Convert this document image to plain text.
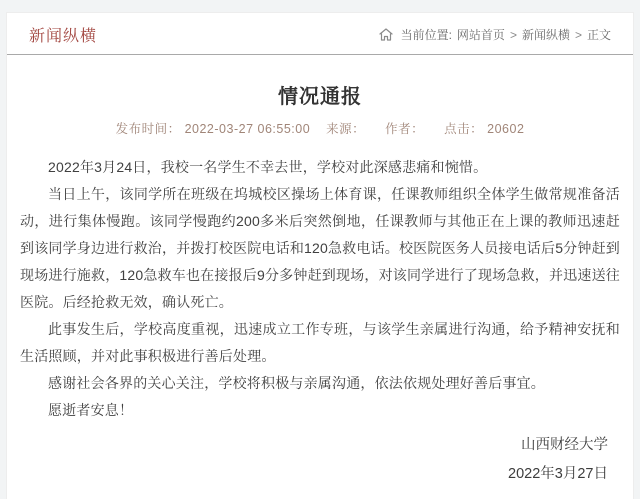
新闻纵横	当前位置: 网站首页 > 新闻纵横 > 正文
情况通报
发布时间： 2022-03-27 06:55:00 来源： 作者： 点击： 20602

2022年3月24日，我校一名学生不幸去世，学校对此深感悲痛和惋惜。

当日上午，该同学所在班级在坞城校区操场上体育课，任课教师组织全体学生做常规准备活动，进行集体慢跑。该同学慢跑约200多米后突然倒地，任课教师与其他正在上课的教师迅速赶到该同学身边进行救治，并拨打校医院电话和120急救电话。校医院医务人员接电话后5分钟赶到现场进行施救，120急救车也在接报后9分多钟赶到现场，对该同学进行了现场急救，并迅速送往医院。后经抢救无效，确认死亡。

此事发生后，学校高度重视，迅速成立工作专班，与该学生亲属进行沟通，给予精神安抚和生活照顾，并对此事积极进行善后处理。

感谢社会各界的关心关注，学校将积极与亲属沟通，依法依规处理好善后事宜。

愿逝者安息！

山西财经大学
2022年3月27日
